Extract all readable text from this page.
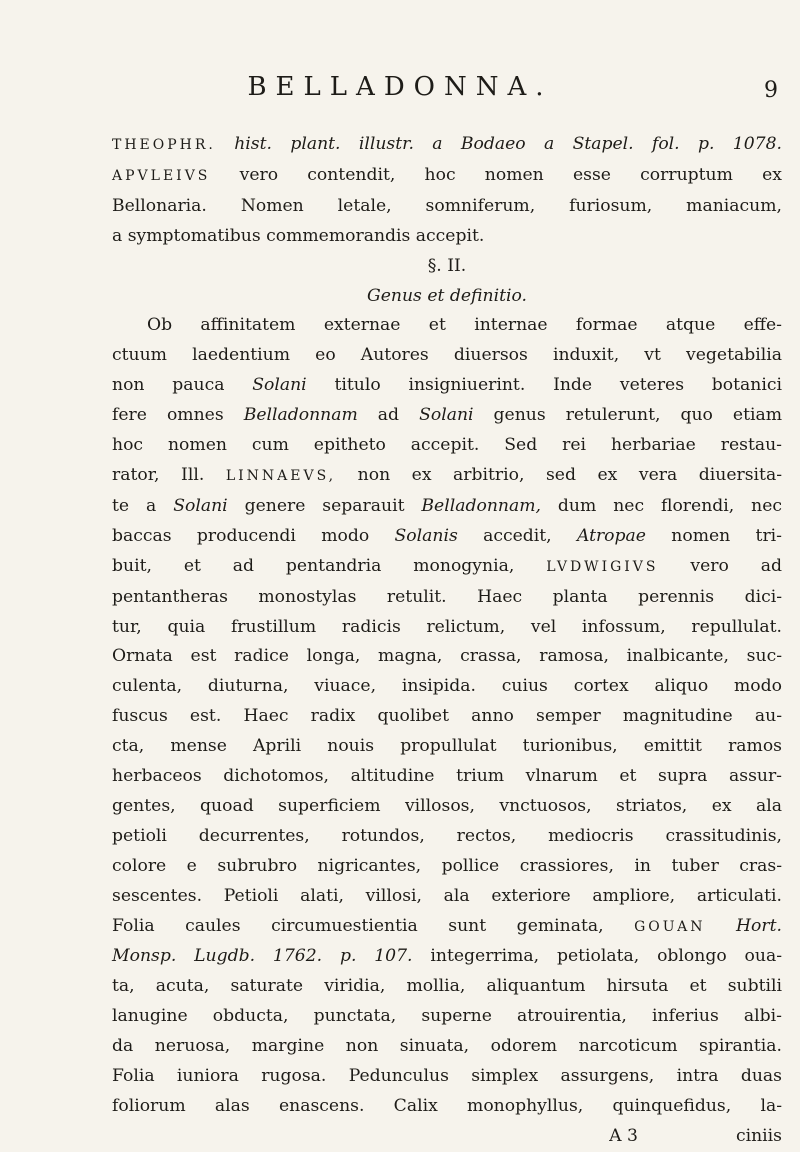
BELLADONNA.	9
THEOPHR. hist. plant. illustr. a Bodaeo a Stapel. fol. p. 1078.
APVLEIVS vero contendit, hoc nomen esse corruptum ex
Bellonaria. Nomen letale, somniferum, furiosum, maniacum,
a symptomatibus commemorandis accepit.
§. II.
Genus et definitio.
Ob affinitatem externae et internae formae atque effe-
ctuum laedentium eo Autores diuersos induxit, vt vegetabilia
non pauca Solani titulo insigniuerint. Inde veteres botanici
fere omnes Belladonnam ad Solani genus retulerunt, quo etiam
hoc nomen cum epitheto accepit. Sed rei herbariae restau-
rator, Ill. LINNAEVS, non ex arbitrio, sed ex vera diuersita-
te a Solani genere separauit Belladonnam, dum nec florendi, nec
baccas producendi modo Solanis accedit, Atropae nomen tri-
buit, et ad pentandria monogynia, LVDWIGIVS vero ad
pentantheras monostylas retulit. Haec planta perennis dici-
tur, quia frustillum radicis relictum, vel infossum, repullulat.
Ornata est radice longa, magna, crassa, ramosa, inalbicante, suc-
culenta, diuturna, viuace, insipida. cuius cortex aliquo modo
fuscus est. Haec radix quolibet anno semper magnitudine au-
cta, mense Aprili nouis propullulat turionibus, emittit ramos
herbaceos dichotomos, altitudine trium vlnarum et supra assur-
gentes, quoad superficiem villosos, vnctuosos, striatos, ex ala
petioli decurrentes, rotundos, rectos, mediocris crassitudinis,
colore e subrubro nigricantes, pollice crassiores, in tuber cras-
sescentes. Petioli alati, villosi, ala exteriore ampliore, articulati.
Folia caules circumuestientia sunt geminata, GOUAN Hort.
Monsp. Lugdb. 1762. p. 107. integerrima, petiolata, oblongo oua-
ta, acuta, saturate viridia, mollia, aliquantum hirsuta et subtili
lanugine obducta, punctata, superne atrouirentia, inferius albi-
da neruosa, margine non sinuata, odorem narcoticum spirantia.
Folia iuniora rugosa. Pedunculus simplex assurgens, intra duas
foliorum alas enascens. Calix monophyllus, quinquefidus, la-
A 3	ciniis
